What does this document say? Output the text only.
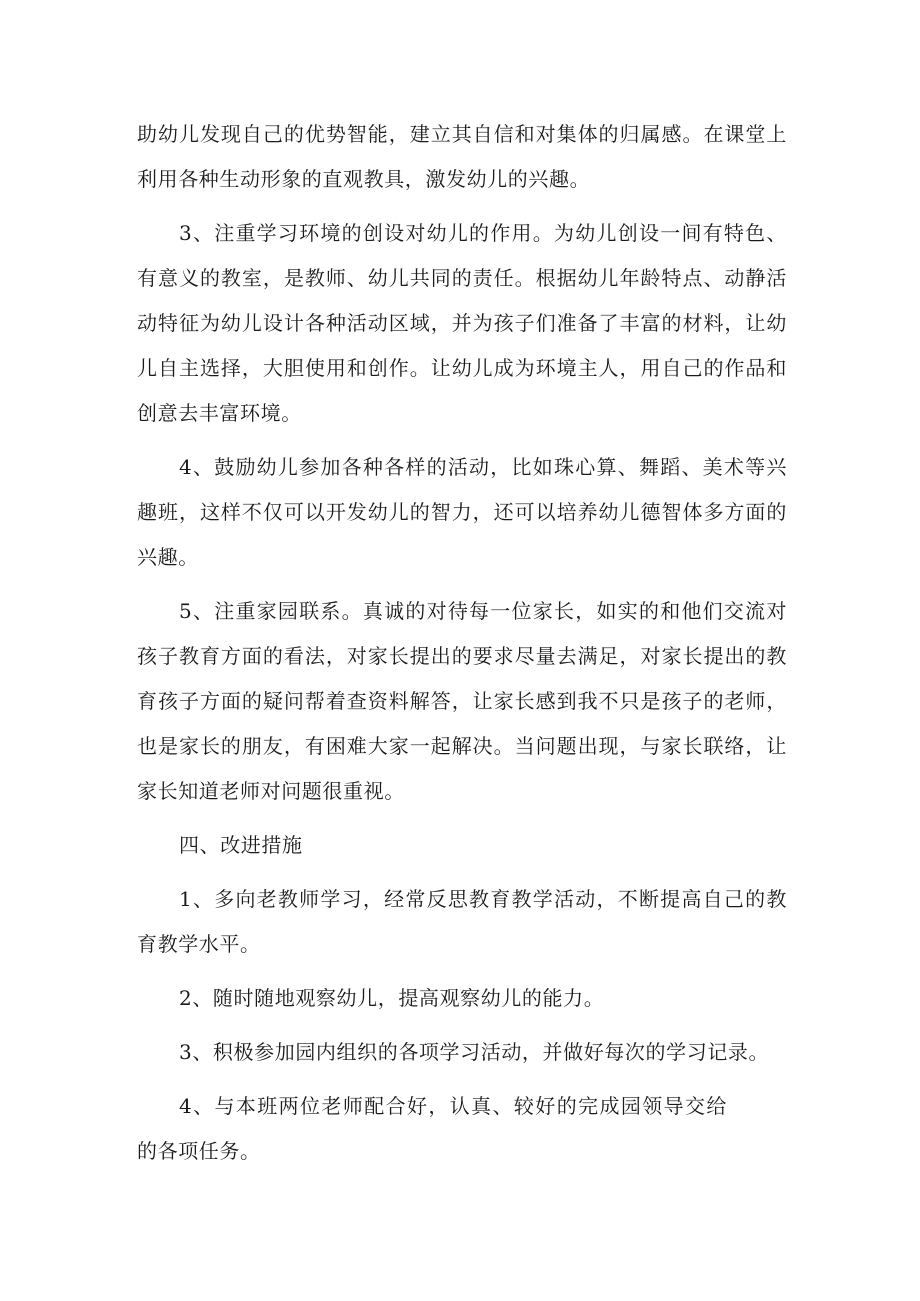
助幼儿发现自己的优势智能，建立其自信和对集体的归属感。在课堂上利用各种生动形象的直观教具，激发幼儿的兴趣。

3、注重学习环境的创设对幼儿的作用。为幼儿创设一间有特色、有意义的教室，是教师、幼儿共同的责任。根据幼儿年龄特点、动静活动特征为幼儿设计各种活动区域，并为孩子们准备了丰富的材料，让幼儿自主选择，大胆使用和创作。让幼儿成为环境主人，用自己的作品和创意去丰富环境。

4、鼓励幼儿参加各种各样的活动，比如珠心算、舞蹈、美术等兴趣班，这样不仅可以开发幼儿的智力，还可以培养幼儿德智体多方面的兴趣。

5、注重家园联系。真诚的对待每一位家长，如实的和他们交流对孩子教育方面的看法，对家长提出的要求尽量去满足，对家长提出的教育孩子方面的疑问帮着查资料解答，让家长感到我不只是孩子的老师，也是家长的朋友，有困难大家一起解决。当问题出现，与家长联络，让家长知道老师对问题很重视。

四、改进措施

1、多向老教师学习，经常反思教育教学活动，不断提高自己的教育教学水平。

2、随时随地观察幼儿，提高观察幼儿的能力。

3、积极参加园内组织的各项学习活动，并做好每次的学习记录。

4、与本班两位老师配合好，认真、较好的完成园领导交给的各项任务。
